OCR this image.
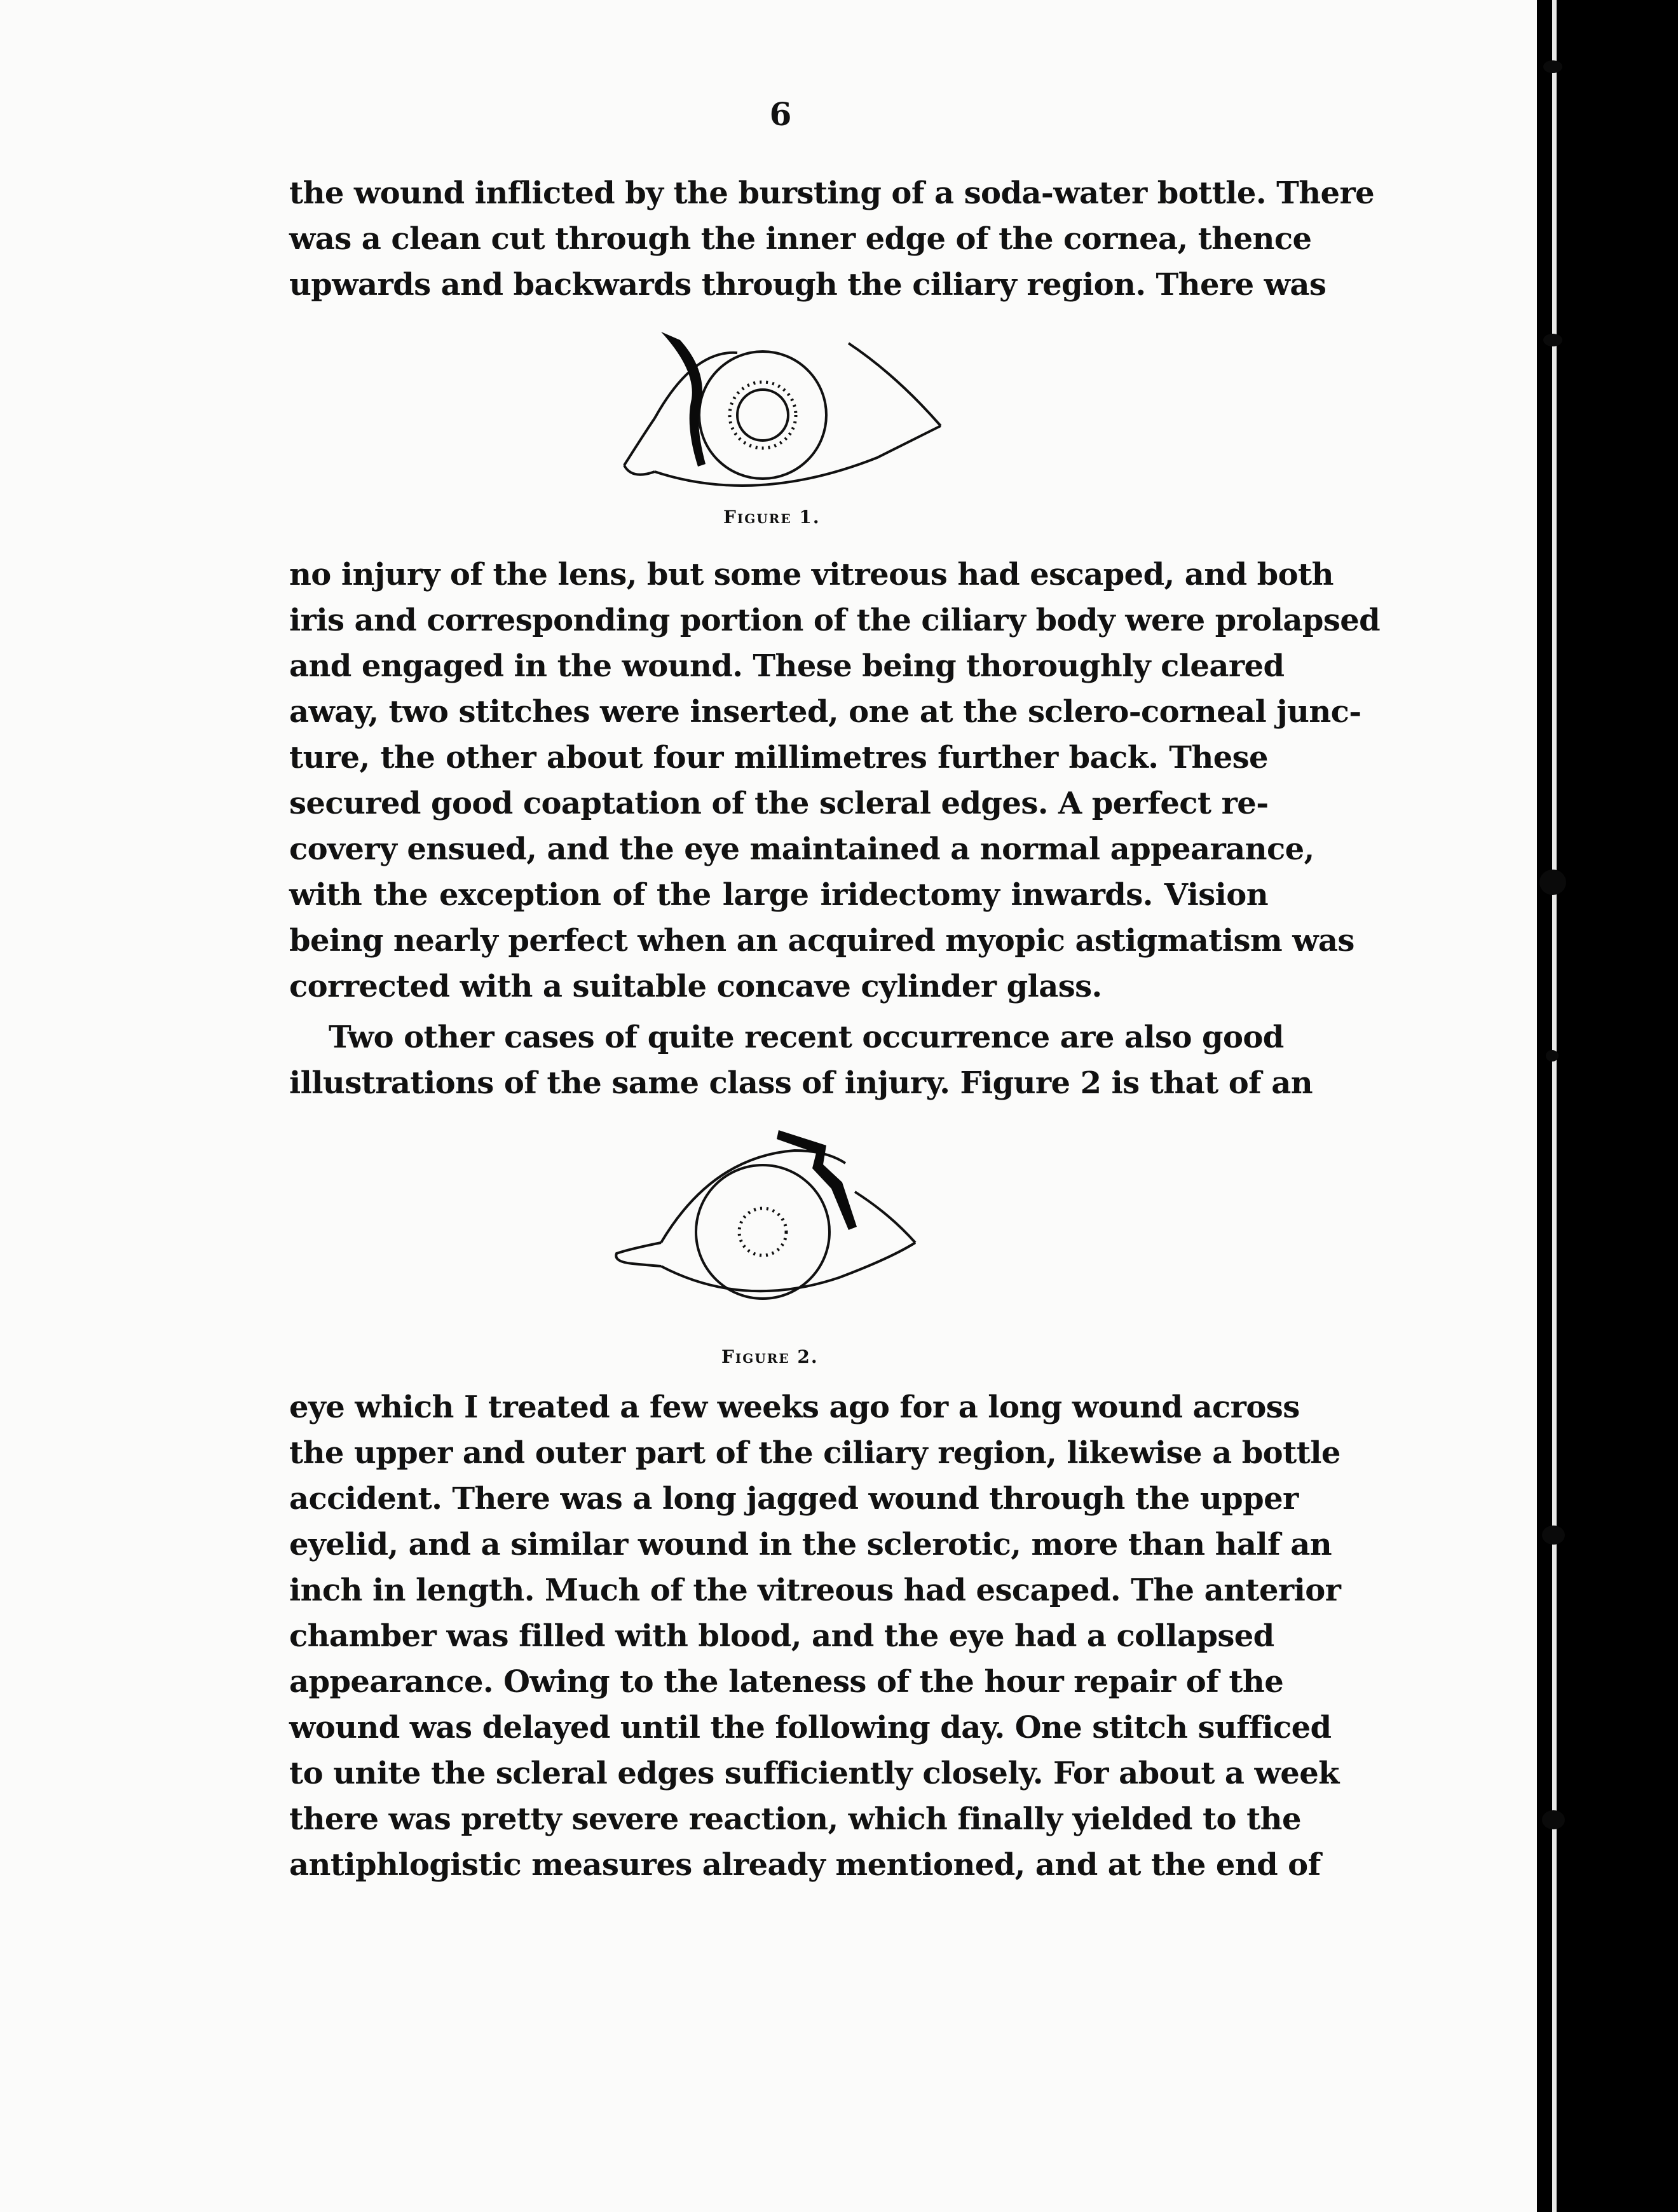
6

the wound inflicted by the bursting of a soda-water bottle. There
was a clean cut through the inner edge of the cornea, thence
upwards and backwards through the ciliary region. There was

Figure 1.

no injury of the lens, but some vitreous had escaped, and both
iris and corresponding portion of the ciliary body were prolapsed
and engaged in the wound. These being thoroughly cleared
away, two stitches were inserted, one at the sclero-corneal junc-
ture, the other about four millimetres further back. These
secured good coaptation of the scleral edges. A perfect re-
covery ensued, and the eye maintained a normal appearance,
with the exception of the large iridectomy inwards. Vision
being nearly perfect when an acquired myopic astigmatism was
corrected with a suitable concave cylinder glass.

Two other cases of quite recent occurrence are also good
illustrations of the same class of injury. Figure 2 is that of an

Figure 2.

eye which I treated a few weeks ago for a long wound across
the upper and outer part of the ciliary region, likewise a bottle
accident. There was a long jagged wound through the upper
eyelid, and a similar wound in the sclerotic, more than half an
inch in length. Much of the vitreous had escaped. The anterior
chamber was filled with blood, and the eye had a collapsed
appearance. Owing to the lateness of the hour repair of the
wound was delayed until the following day. One stitch sufficed
to unite the scleral edges sufficiently closely. For about a week
there was pretty severe reaction, which finally yielded to the
antiphlogistic measures already mentioned, and at the end of
